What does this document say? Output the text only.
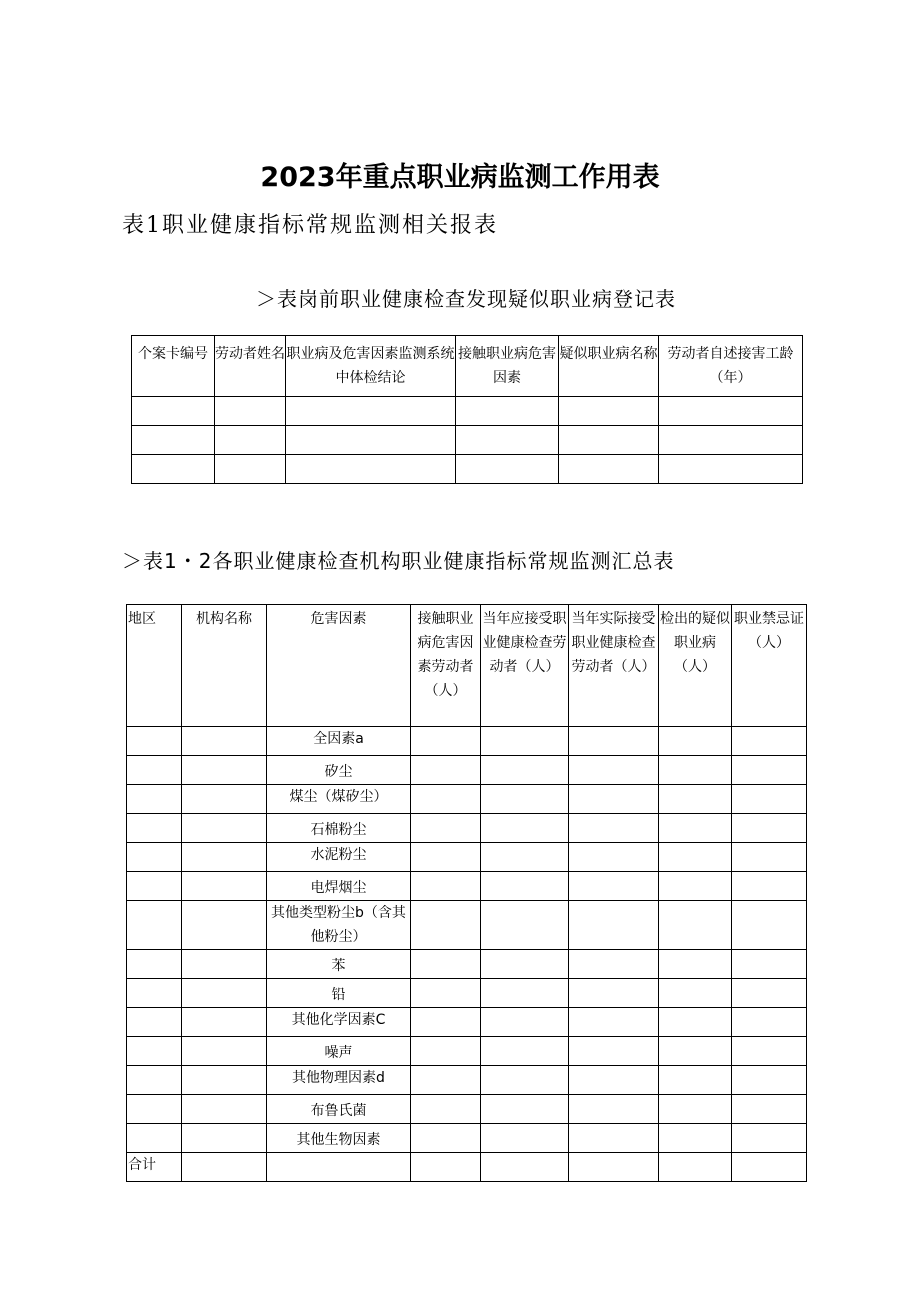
2023年重点职业病监测工作用表
表1职业健康指标常规监测相关报表
＞表岗前职业健康检查发现疑似职业病登记表
个案卡编号	劳动者姓名	职业病及危害因素监测系统中体检结论	接触职业病危害因素	疑似职业病名称	劳动者自述接害工龄（年）

＞表1・2各职业健康检查机构职业健康指标常规监测汇总表
地区	机构名称	危害因素	接触职业病危害因素劳动者（人）	当年应接受职业健康检查劳动者（人）	当年实际接受职业健康检查劳动者（人）	检出的疑似职业病（人）	职业禁忌证（人）
		全因素a					
		矽尘					
		煤尘（煤矽尘）					
		石棉粉尘					
		水泥粉尘					
		电焊烟尘					
		其他类型粉尘b（含其他粉尘）					
		苯					
		铅					
		其他化学因素C					
		噪声					
		其他物理因素d					
		布鲁氏菌					
		其他生物因素					
合计							
